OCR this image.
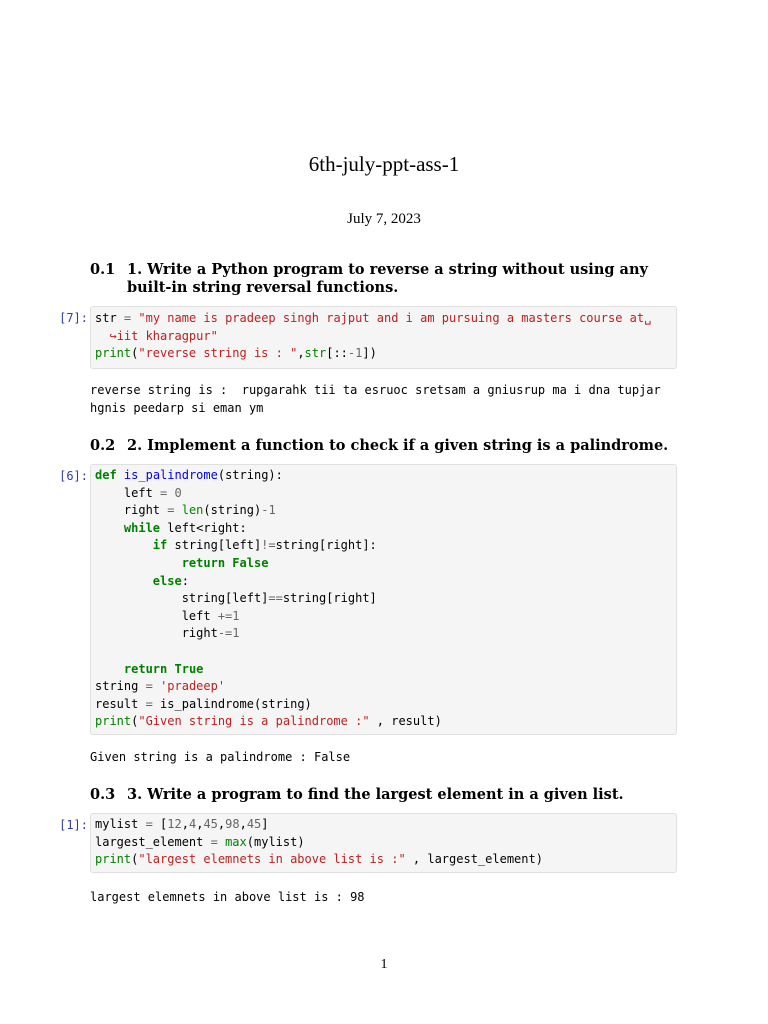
6th-july-ppt-ass-1
July 7, 2023
0.1 1. Write a Python program to reverse a string without using any built-in string reversal functions.
[7]: str = "my name is pradeep singh rajput and i am pursuing a masters course at␣
↪iit kharagpur"
print("reverse string is : ",str[::-1])
reverse string is :  rupgarahk tii ta esruoc sretsam a gniusrup ma i dna tupjar
hgnis peedarp si eman ym
0.2 2. Implement a function to check if a given string is a palindrome.
[6]: def is_palindrome(string):
left = 0
right = len(string)-1
while left<right:
if string[left]!=string[right]:
return False
else:
string[left]==string[right]
left +=1
right-=1

return True
string = 'pradeep'
result = is_palindrome(string)
print("Given string is a palindrome :" , result)
Given string is a palindrome : False
0.3 3. Write a program to find the largest element in a given list.
[1]: mylist = [12,4,45,98,45]
largest_element = max(mylist)
print("largest elemnets in above list is :" , largest_element)
largest elemnets in above list is : 98
1
